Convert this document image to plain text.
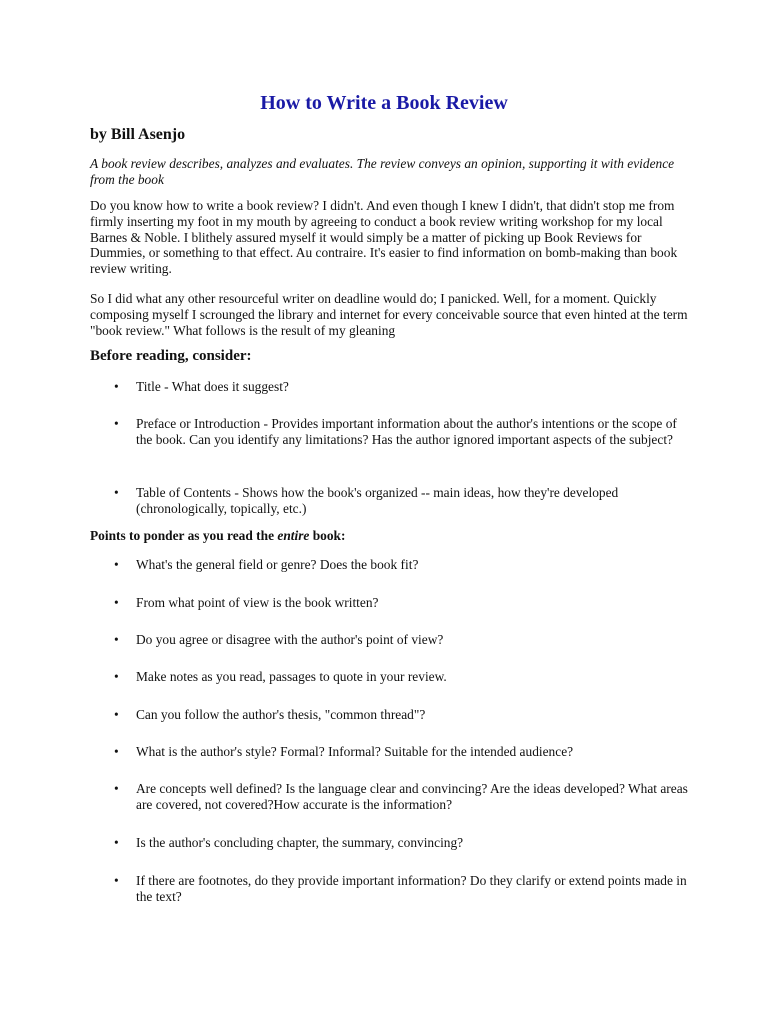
How to Write a Book Review

by Bill Asenjo

A book review describes, analyzes and evaluates. The review conveys an opinion, supporting it with evidence from the book

Do you know how to write a book review? I didn't. And even though I knew I didn't, that didn't stop me from firmly inserting my foot in my mouth by agreeing to conduct a book review writing workshop for my local Barnes & Noble. I blithely assured myself it would simply be a matter of picking up Book Reviews for Dummies, or something to that effect. Au contraire. It's easier to find information on bomb-making than book review writing.

So I did what any other resourceful writer on deadline would do; I panicked. Well, for a moment. Quickly composing myself I scrounged the library and internet for every conceivable source that even hinted at the term "book review." What follows is the result of my gleaning

Before reading, consider:
• Title - What does it suggest?

• Preface or Introduction - Provides important information about the author's intentions or the scope of the book. Can you identify any limitations? Has the author ignored important aspects of the subject?

• Table of Contents - Shows how the book's organized -- main ideas, how they're developed (chronologically, topically, etc.)

Points to ponder as you read the entire book:

• What's the general field or genre? Does the book fit?

• From what point of view is the book written?

• Do you agree or disagree with the author's point of view?

• Make notes as you read, passages to quote in your review.

• Can you follow the author's thesis, "common thread"?

• What is the author's style? Formal? Informal? Suitable for the intended audience?

• Are concepts well defined? Is the language clear and convincing? Are the ideas developed? What areas are covered, not covered?How accurate is the information?

• Is the author's concluding chapter, the summary, convincing?

• If there are footnotes, do they provide important information? Do they clarify or extend points made in the text?
